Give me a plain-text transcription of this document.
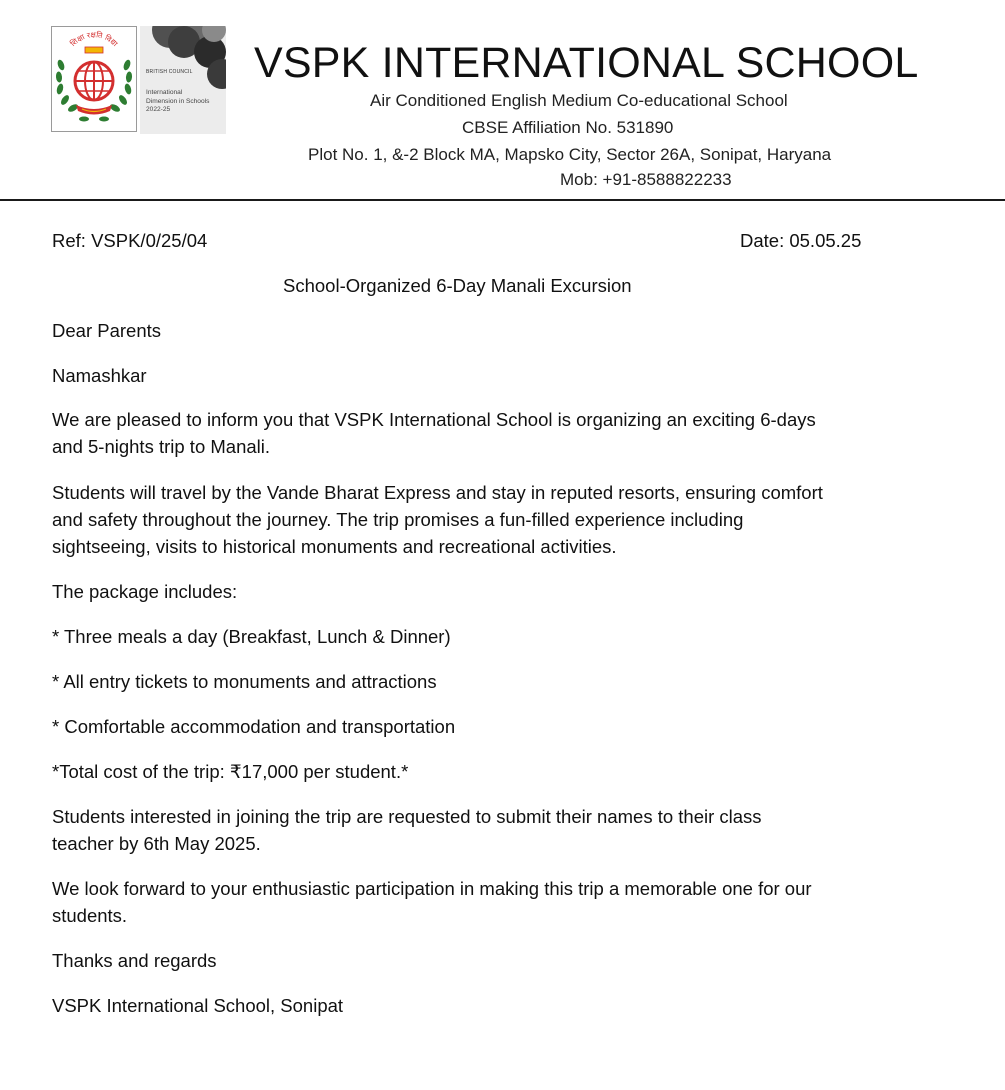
शिक्षा रक्षति विद्या
BRITISH COUNCIL
International
Dimension in Schools
2022-25
VSPK INTERNATIONAL SCHOOL
Air Conditioned English Medium Co-educational School
CBSE Affiliation No. 531890
Plot No. 1, &-2 Block MA, Mapsko City, Sector 26A, Sonipat, Haryana
Mob: +91-8588822233
Ref: VSPK/0/25/04	Date: 05.05.25
School-Organized 6-Day Manali Excursion
Dear Parents
Namashkar
We are pleased to inform you that VSPK International School is organizing an exciting 6-days
and 5-nights trip to Manali.
Students will travel by the Vande Bharat Express and stay in reputed resorts, ensuring comfort
and safety throughout the journey. The trip promises a fun-filled experience including
sightseeing, visits to historical monuments and recreational activities.
The package includes:
* Three meals a day (Breakfast, Lunch & Dinner)
* All entry tickets to monuments and attractions
* Comfortable accommodation and transportation
*Total cost of the trip: ₹17,000 per student.*
Students interested in joining the trip are requested to submit their names to their class
teacher by 6th May 2025.
We look forward to your enthusiastic participation in making this trip a memorable one for our
students.
Thanks and regards
VSPK International School, Sonipat
